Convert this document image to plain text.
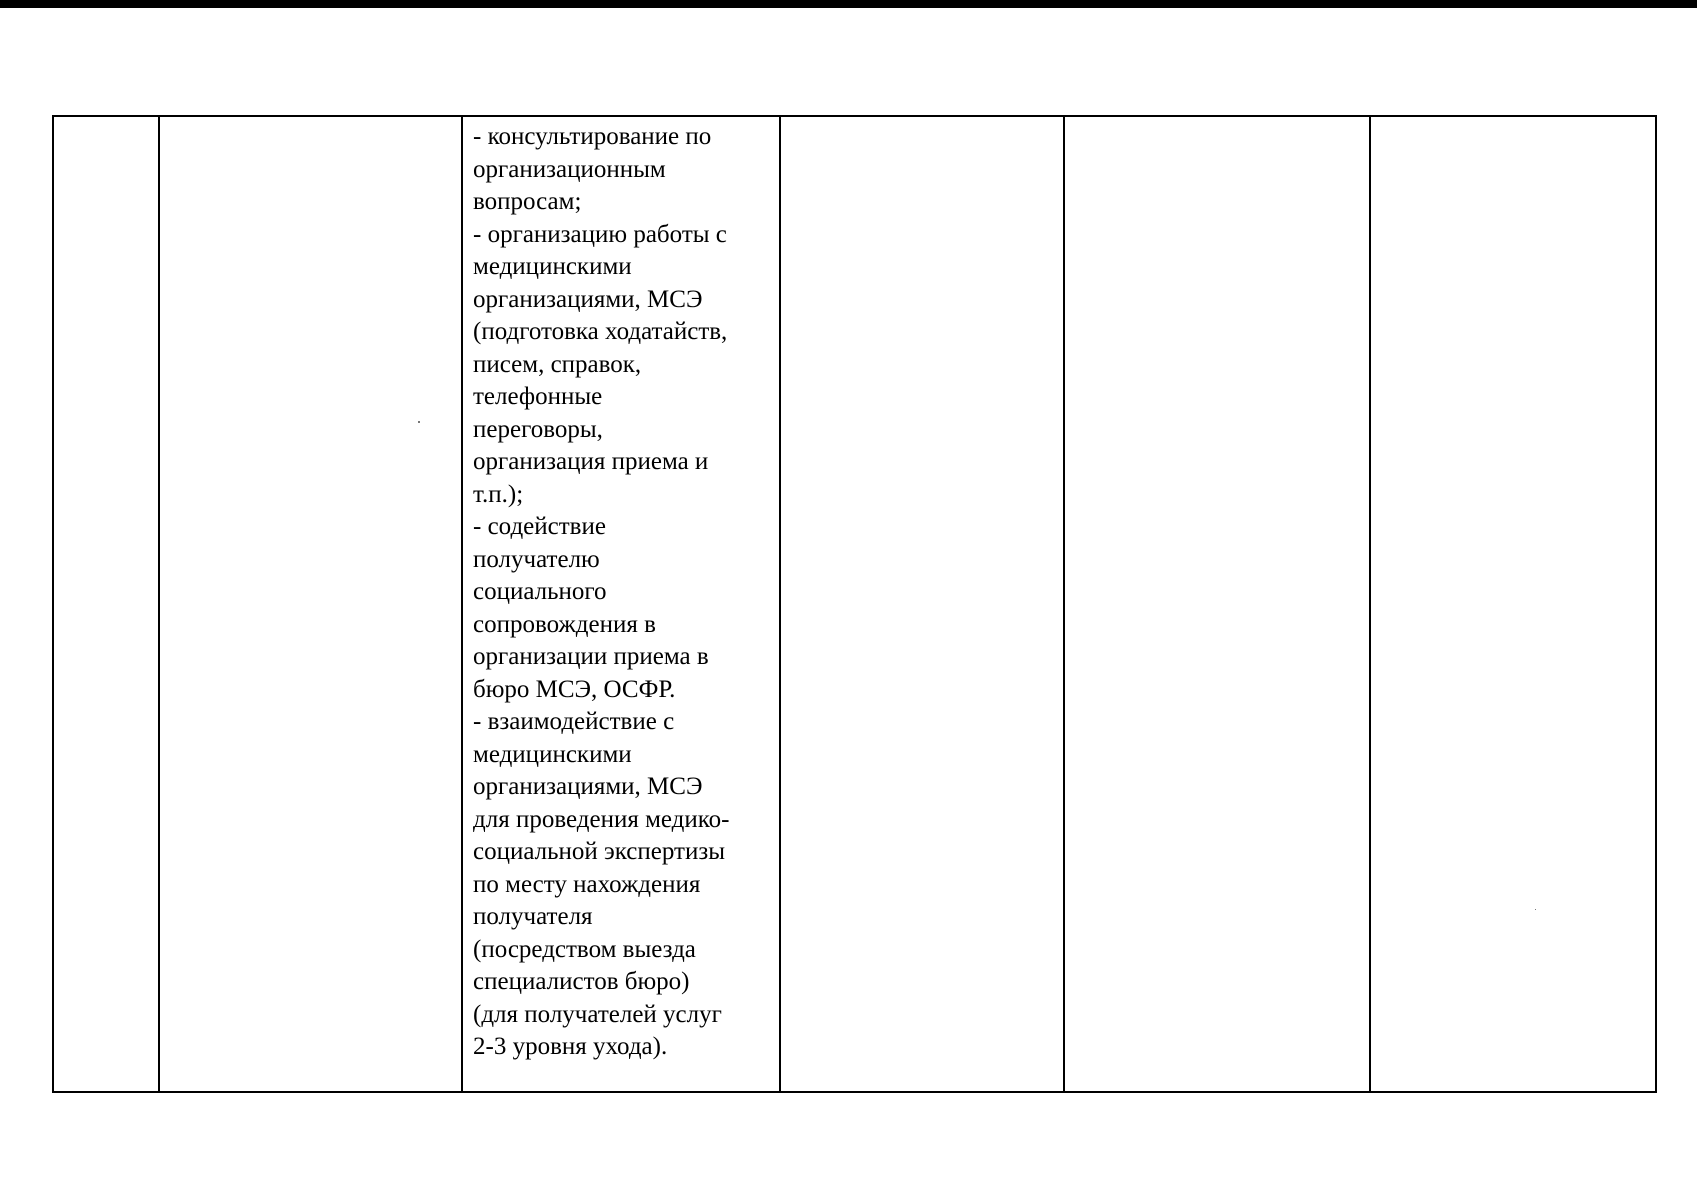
- консультирование по

организационным

вопросам;

- организацию работы с

медицинскими

организациями, МСЭ

(подготовка ходатайств,

писем, справок,

телефонные

переговоры,

организация приема и

т.п.);

- содействие

получателю

социального

сопровождения в

организации приема в

бюро МСЭ, ОСФР.

- взаимодействие с

медицинскими

организациями, МСЭ

для проведения медико-

социальной экспертизы

по месту нахождения

получателя

(посредством выезда

специалистов бюро)

(для получателей услуг

2-3 уровня ухода).
